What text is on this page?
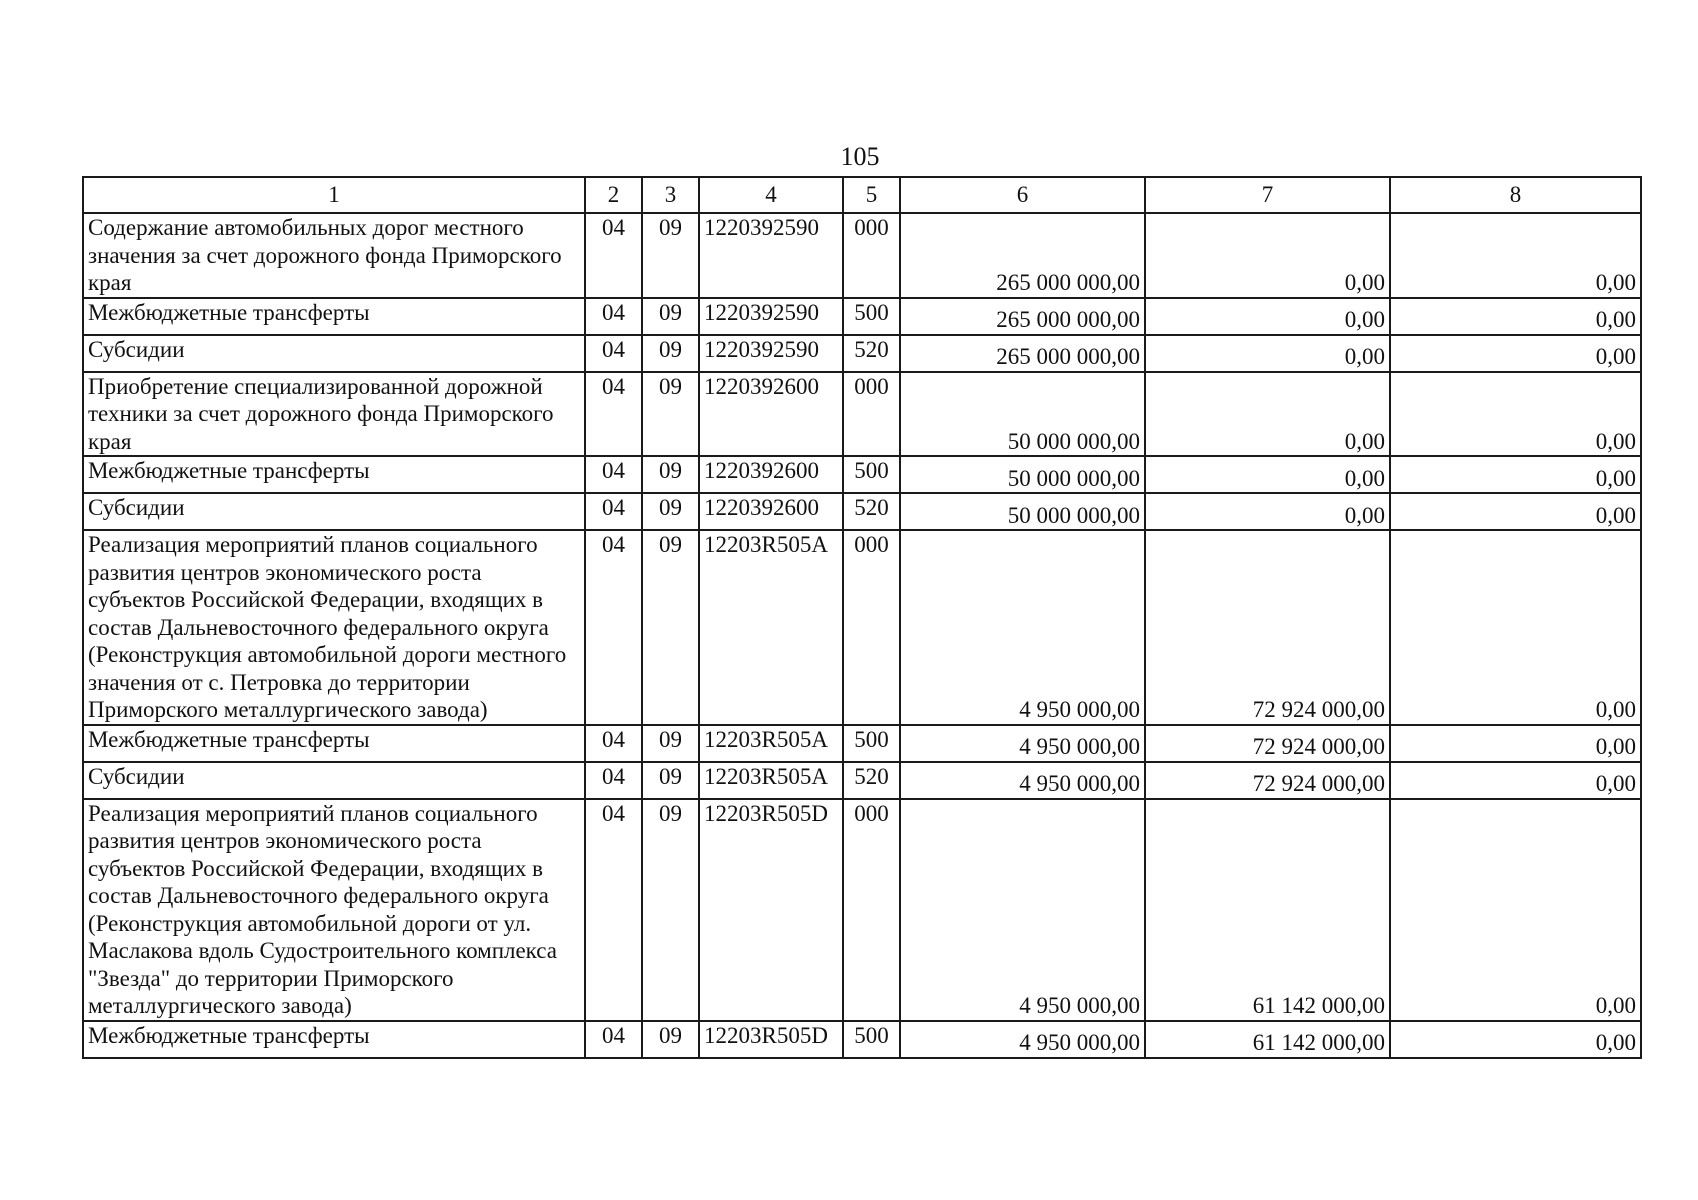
105
1	2	3	4	5	6	7	8
Содержание автомобильных дорог местного значения за счет дорожного фонда Приморского края	04	09	1220392590	000	265 000 000,00	0,00	0,00
Межбюджетные трансферты	04	09	1220392590	500	265 000 000,00	0,00	0,00
Субсидии	04	09	1220392590	520	265 000 000,00	0,00	0,00
Приобретение специализированной дорожной техники за счет дорожного фонда Приморского края	04	09	1220392600	000	50 000 000,00	0,00	0,00
Межбюджетные трансферты	04	09	1220392600	500	50 000 000,00	0,00	0,00
Субсидии	04	09	1220392600	520	50 000 000,00	0,00	0,00
Реализация мероприятий планов социального развития центров экономического роста субъектов Российской Федерации, входящих в состав Дальневосточного федерального округа (Реконструкция автомобильной дороги местного значения от с. Петровка до территории Приморского металлургического завода)	04	09	12203R505A	000	4 950 000,00	72 924 000,00	0,00
Межбюджетные трансферты	04	09	12203R505A	500	4 950 000,00	72 924 000,00	0,00
Субсидии	04	09	12203R505A	520	4 950 000,00	72 924 000,00	0,00
Реализация мероприятий планов социального развития центров экономического роста субъектов Российской Федерации, входящих в состав Дальневосточного федерального округа (Реконструкция автомобильной дороги от ул. Маслакова вдоль Судостроительного комплекса "Звезда" до территории Приморского металлургического завода)	04	09	12203R505D	000	4 950 000,00	61 142 000,00	0,00
Межбюджетные трансферты	04	09	12203R505D	500	4 950 000,00	61 142 000,00	0,00
